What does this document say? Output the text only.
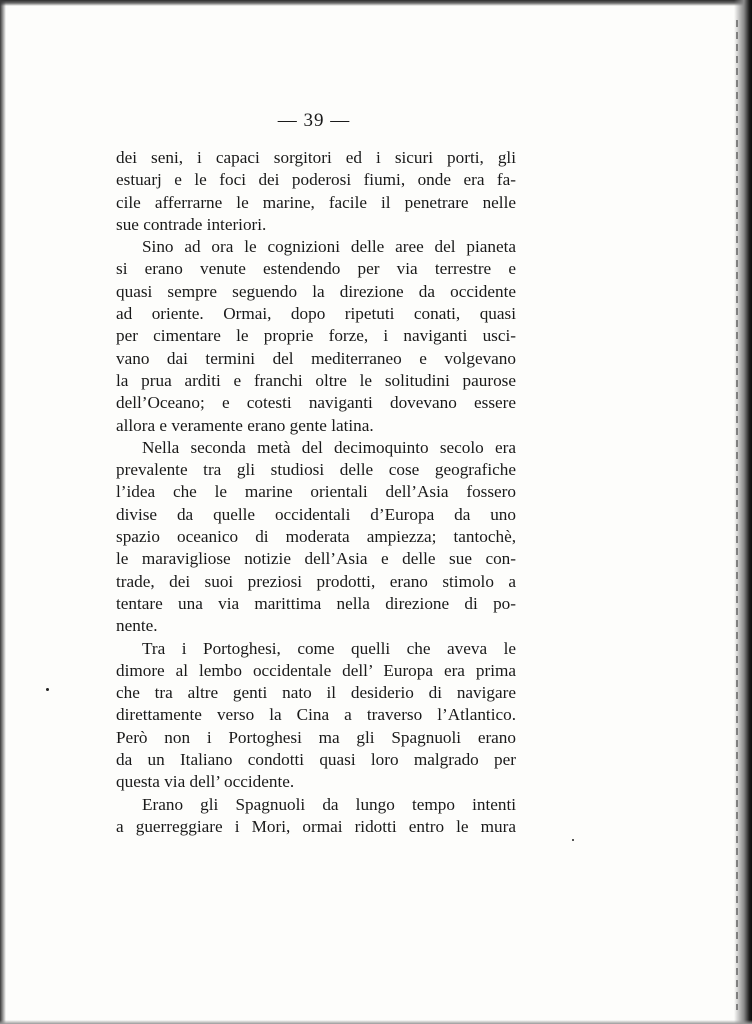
— 39 —
dei seni, i capaci sorgitori ed i sicuri porti, gli
estuarj e le foci dei poderosi fiumi, onde era fa-
cile afferrarne le marine, facile il penetrare nelle
sue contrade interiori.
Sino ad ora le cognizioni delle aree del pianeta
si erano venute estendendo per via terrestre e
quasi sempre seguendo la direzione da occidente
ad oriente. Ormai, dopo ripetuti conati, quasi
per cimentare le proprie forze, i naviganti usci-
vano dai termini del mediterraneo e volgevano
la prua arditi e franchi oltre le solitudini paurose
dell’Oceano; e cotesti naviganti dovevano essere
allora e veramente erano gente latina.
Nella seconda metà del decimoquinto secolo era
prevalente tra gli studiosi delle cose geografiche
l’idea che le marine orientali dell’Asia fossero
divise da quelle occidentali d’Europa da uno
spazio oceanico di moderata ampiezza; tantochè,
le maravigliose notizie dell’Asia e delle sue con-
trade, dei suoi preziosi prodotti, erano stimolo a
tentare una via marittima nella direzione di po-
nente.
Tra i Portoghesi, come quelli che aveva le
dimore al lembo occidentale dell’ Europa era prima
che tra altre genti nato il desiderio di navigare
direttamente verso la Cina a traverso l’Atlantico.
Però non i Portoghesi ma gli Spagnuoli erano
da un Italiano condotti quasi loro malgrado per
questa via dell’ occidente.
Erano gli Spagnuoli da lungo tempo intenti
a guerreggiare i Mori, ormai ridotti entro le mura
